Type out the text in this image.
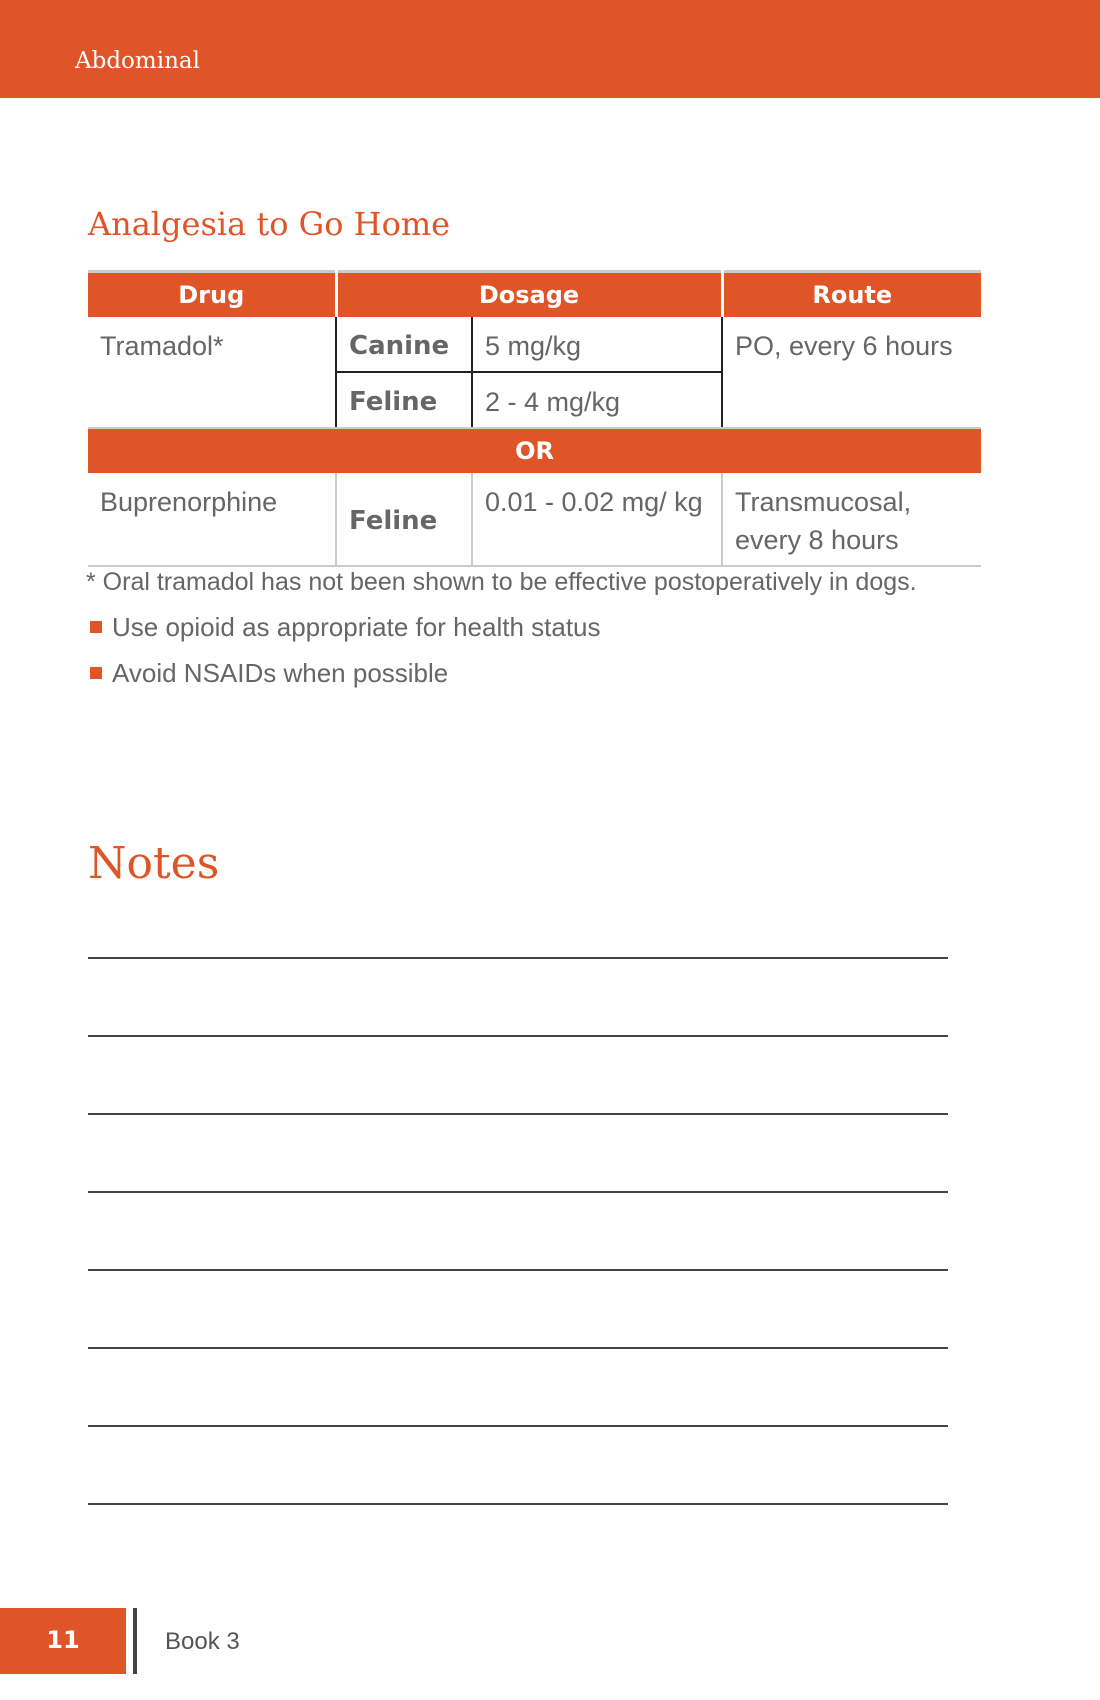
Abdominal
Analgesia to Go Home
Drug	Dosage		Route
Tramadol*	Canine	5 mg/kg	PO, every 6 hours
	Feline	2 - 4 mg/kg	
OR			
Buprenorphine	Feline	0.01 - 0.02 mg/ kg	Transmucosal, every 8 hours
* Oral tramadol has not been shown to be effective postoperatively in dogs.
Use opioid as appropriate for health status
Avoid NSAIDs when possible
Notes
11	Book 3
